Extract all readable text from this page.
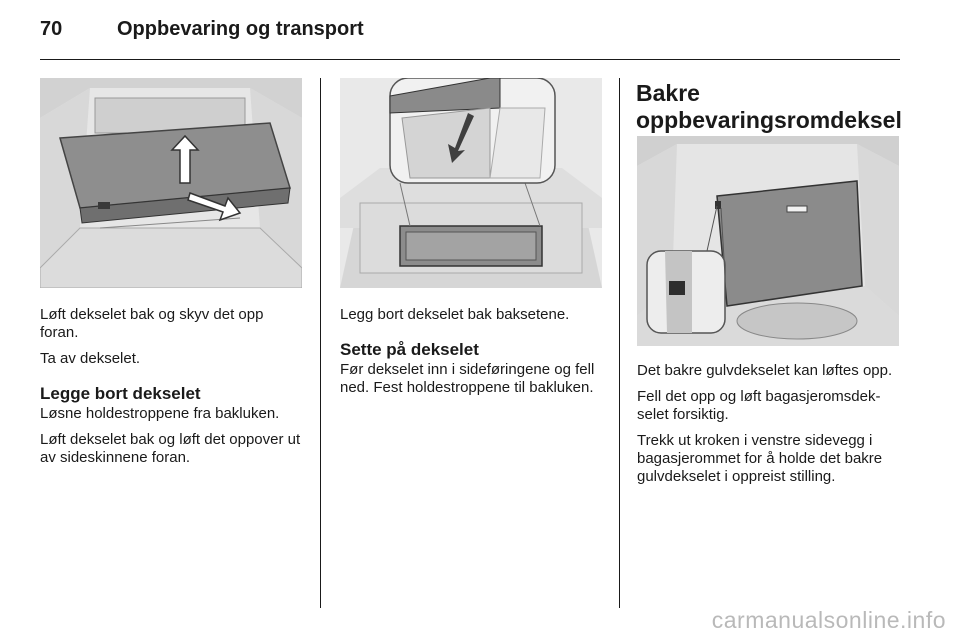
70	Oppbevaring og transport

Løft dekselet bak og skyv det opp foran.

Ta av dekselet.

Legge bort dekselet

Løsne holdestroppene fra bakluken.

Løft dekselet bak og løft det oppover ut av sideskinnene foran.

Legg bort dekselet bak baksetene.

Sette på dekselet

Før dekselet inn i sideføringene og fell ned. Fest holdestroppene til bakluken.

Bakre oppbevaringsromdeksel

Det bakre gulvdekselet kan løftes opp.

Fell det opp og løft bagasjeromsdekselet forsiktig.

Trekk ut kroken i venstre sidevegg i bagasjerommet for å holde det bakre gulvdekselet i oppreist stilling.

carmanualsonline.info
